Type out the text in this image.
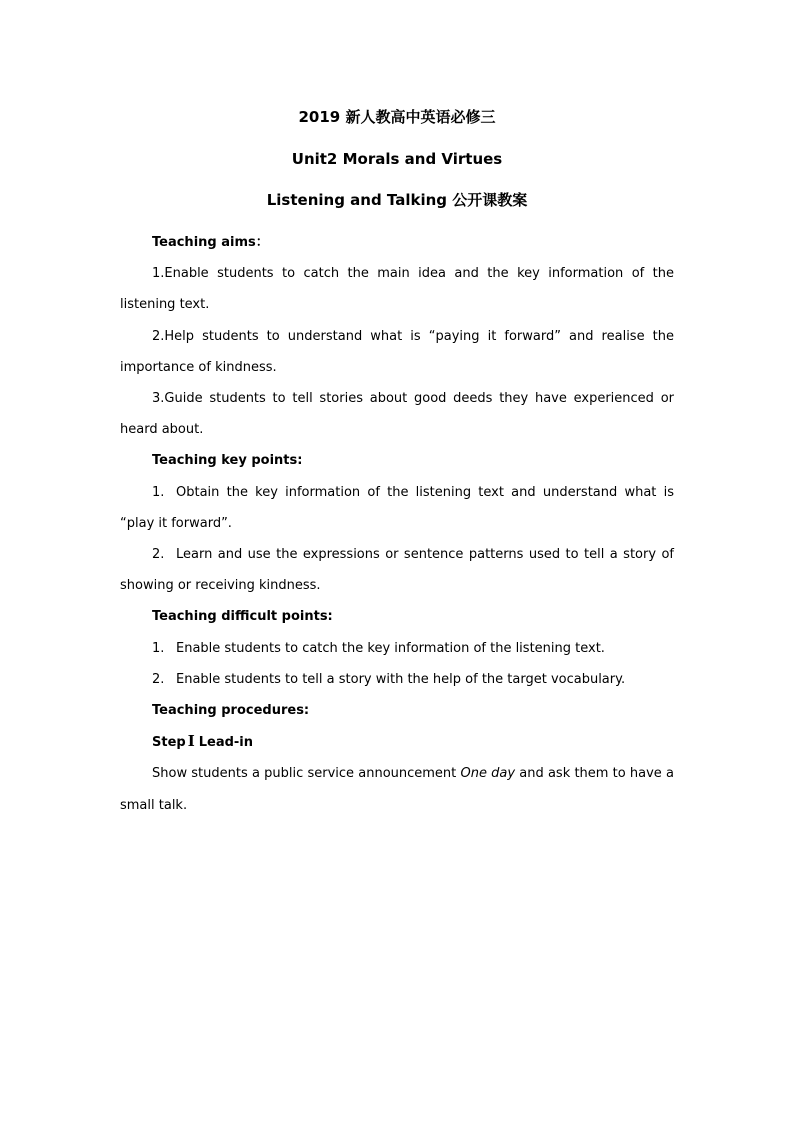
2019 新人教高中英语必修三
Unit2 Morals and Virtues
Listening and Talking 公开课教案

Teaching aims：

1.Enable students to catch the main idea and the key information of the listening text.

2.Help students to understand what is “paying it forward” and realise the importance of kindness.

3.Guide students to tell stories about good deeds they have experienced or heard about.

Teaching key points:

1. Obtain the key information of the listening text and understand what is “play it forward”.

2. Learn and use the expressions or sentence patterns used to tell a story of showing or receiving kindness.

Teaching difficult points:

1. Enable students to catch the key information of the listening text.

2. Enable students to tell a story with the help of the target vocabulary.

Teaching procedures:

Step Ⅰ Lead-in

Show students a public service announcement One day and ask them to have a small talk.
